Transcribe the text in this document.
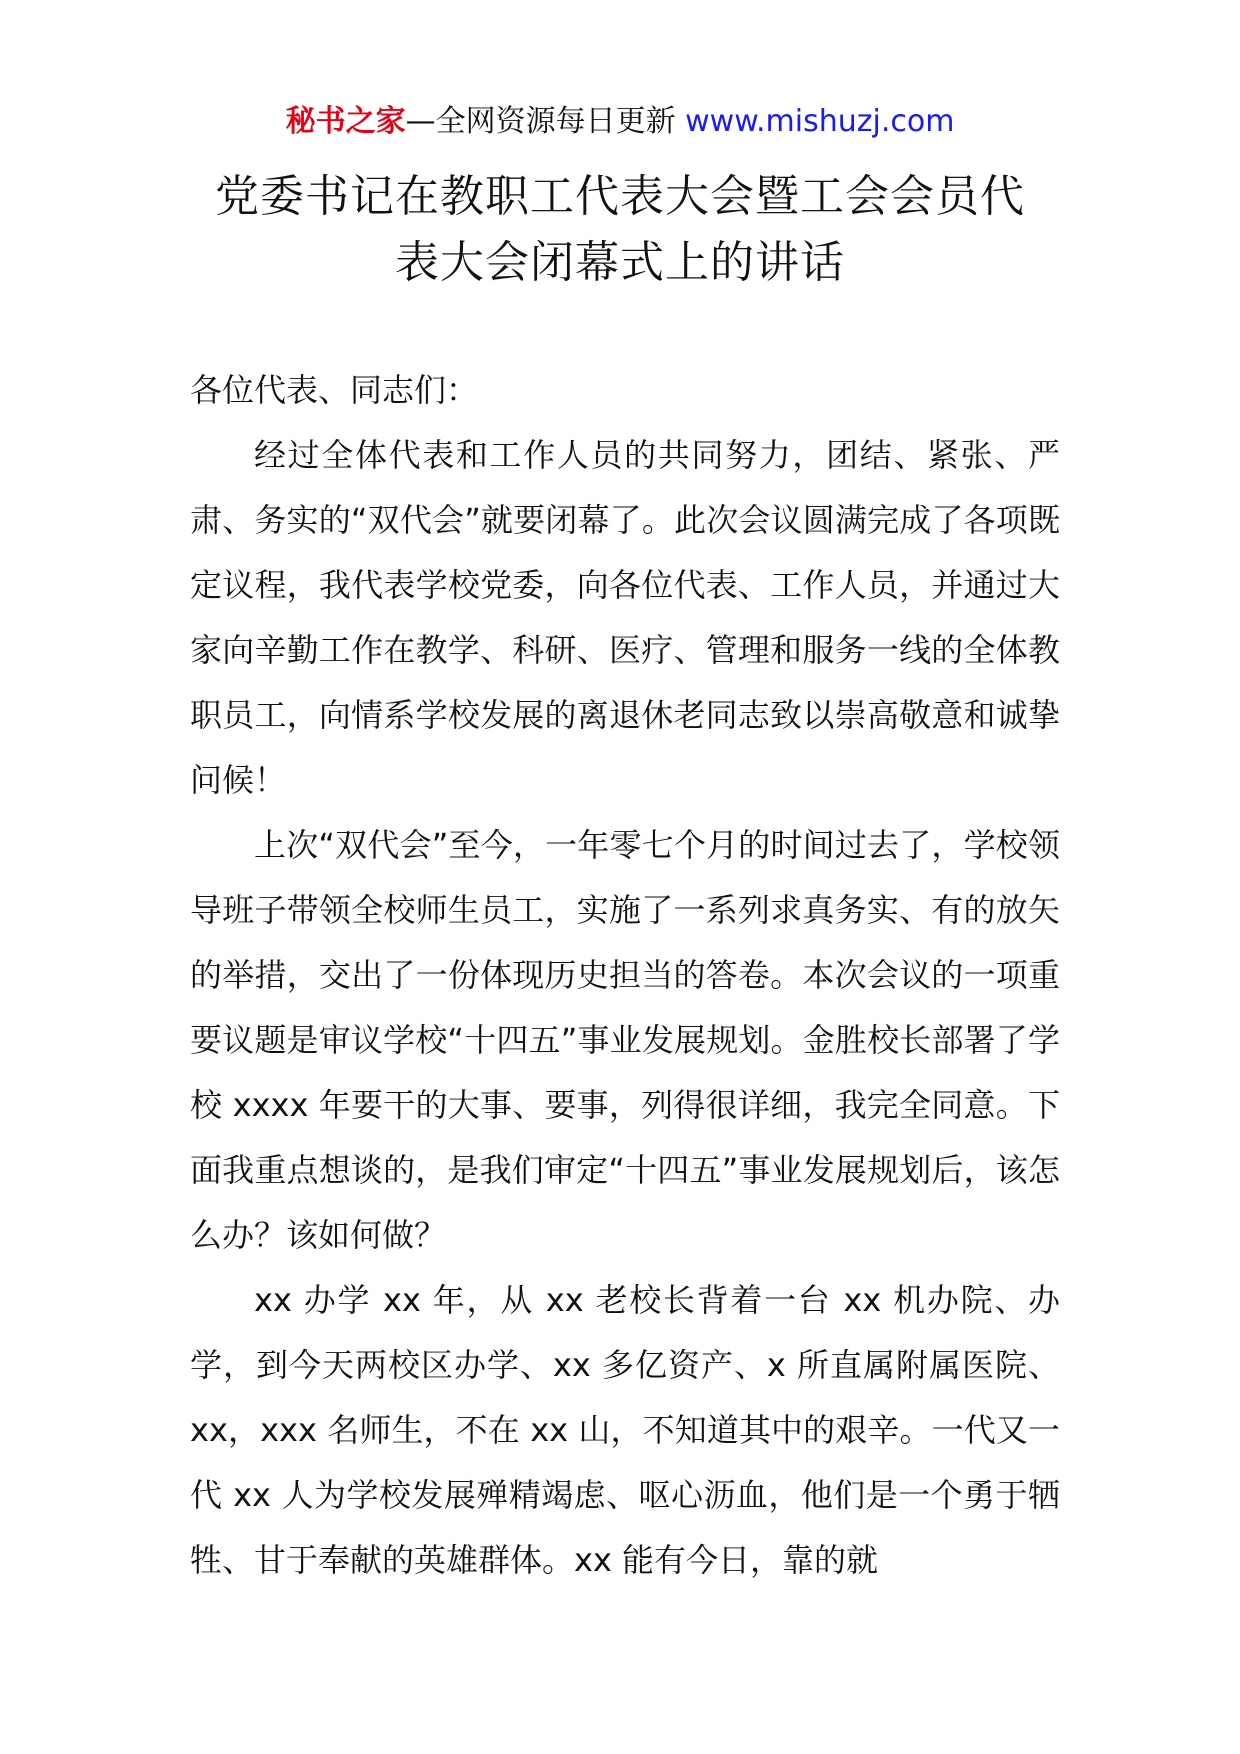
秘书之家—全网资源每日更新 www.mishuzj.com
党委书记在教职工代表大会暨工会会员代
表大会闭幕式上的讲话

各位代表、同志们：

经过全体代表和工作人员的共同努力，团结、紧张、严肃、务实的“双代会”就要闭幕了。此次会议圆满完成了各项既定议程，我代表学校党委，向各位代表、工作人员，并通过大家向辛勤工作在教学、科研、医疗、管理和服务一线的全体教职员工，向情系学校发展的离退休老同志致以崇高敬意和诚挚问候！

上次“双代会”至今，一年零七个月的时间过去了，学校领导班子带领全校师生员工，实施了一系列求真务实、有的放矢的举措，交出了一份体现历史担当的答卷。本次会议的一项重要议题是审议学校“十四五”事业发展规划。金胜校长部署了学校 xxxx 年要干的大事、要事，列得很详细，我完全同意。下面我重点想谈的，是我们审定“十四五”事业发展规划后，该怎么办？该如何做？

xx 办学 xx 年，从 xx 老校长背着一台 xx 机办院、办学，到今天两校区办学、xx 多亿资产、x 所直属附属医院、xx，xxx 名师生，不在 xx 山，不知道其中的艰辛。一代又一代 xx 人为学校发展殚精竭虑、呕心沥血，他们是一个勇于牺牲、甘于奉献的英雄群体。xx 能有今日，靠的就
